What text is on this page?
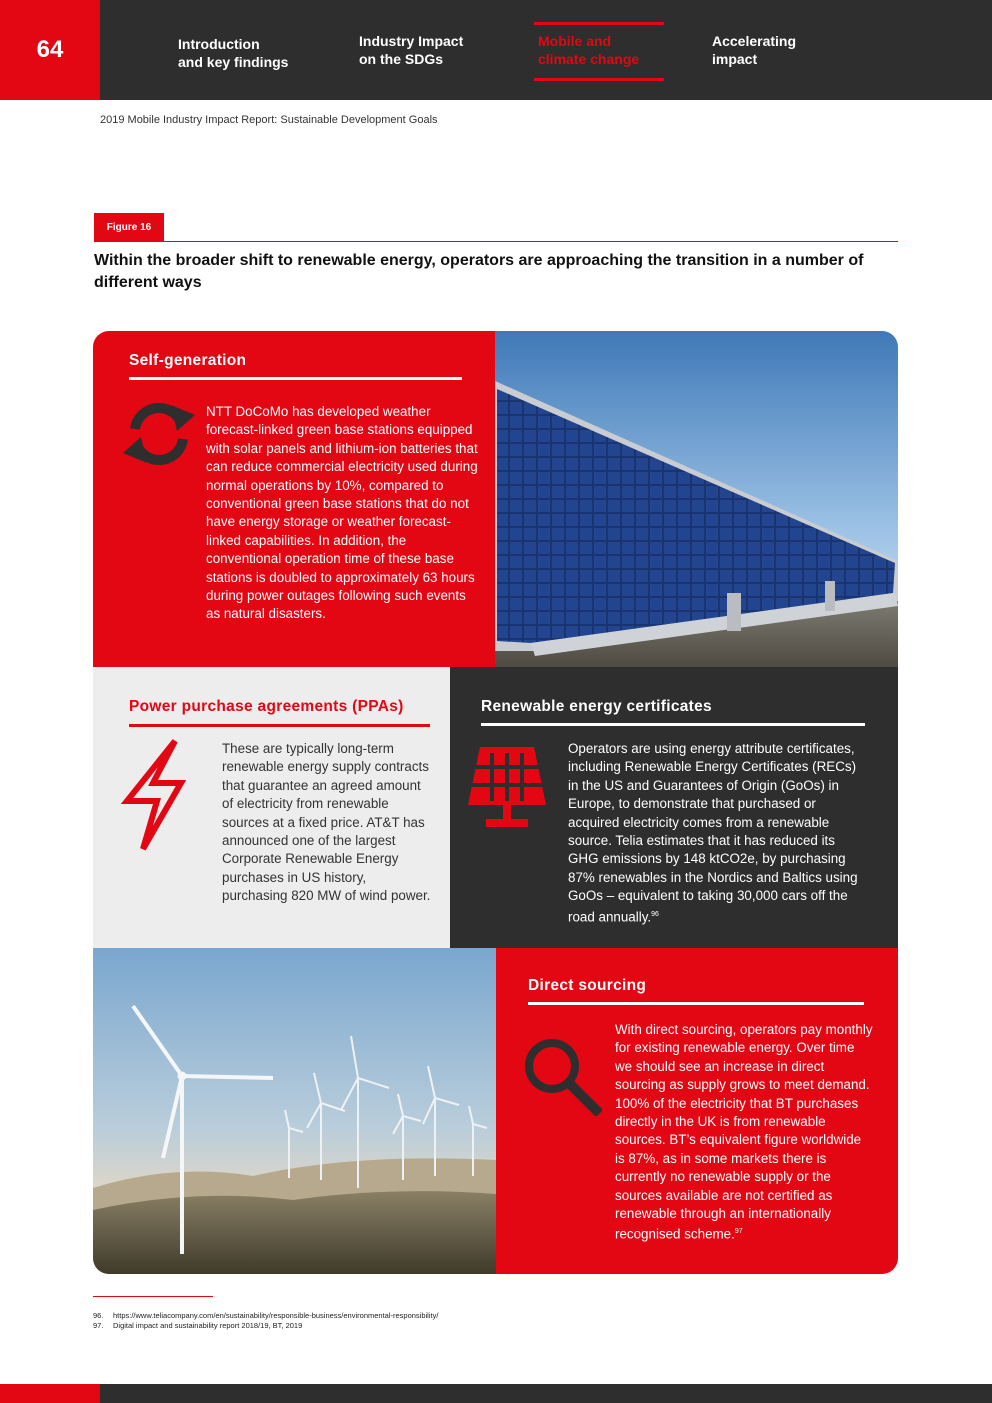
64	Introduction
and key findings
Industry Impact
on the SDGs
Mobile and
climate change
Accelerating
impact
2019 Mobile Industry Impact Report: Sustainable Development Goals
Figure 16
Within the broader shift to renewable energy, operators are approaching the transition in a number of different ways
Self-generation
NTT DoCoMo has developed weather forecast-linked green base stations equipped with solar panels and lithium-ion batteries that can reduce commercial electricity used during normal operations by 10%, compared to conventional green base stations that do not have energy storage or weather forecast-linked capabilities. In addition, the conventional operation time of these base stations is doubled to approximately 63 hours during power outages following such events as natural disasters.
Power purchase agreements (PPAs)
These are typically long-term renewable energy supply contracts that guarantee an agreed amount of electricity from renewable sources at a fixed price. AT&T has announced one of the largest Corporate Renewable Energy purchases in US history, purchasing 820 MW of wind power.
Renewable energy certificates
Operators are using energy attribute certificates, including Renewable Energy Certificates (RECs) in the US and Guarantees of Origin (GoOs) in Europe, to demonstrate that purchased or acquired electricity comes from a renewable source. Telia estimates that it has reduced its GHG emissions by 148 ktCO2e, by purchasing 87% renewables in the Nordics and Baltics using GoOs – equivalent to taking 30,000 cars off the road annually.$^{96}$
Direct sourcing
With direct sourcing, operators pay monthly for existing renewable energy. Over time we should see an increase in direct sourcing as supply grows to meet demand. 100% of the electricity that BT purchases directly in the UK is from renewable sources. BT’s equivalent figure worldwide is 87%, as in some markets there is currently no renewable supply or the sources available are not certified as renewable through an internationally recognised scheme.$^{97}$
96. https://www.teliacompany.com/en/sustainability/responsible-business/environmental-responsibility/
97. Digital impact and sustainability report 2018/19, BT, 2019
